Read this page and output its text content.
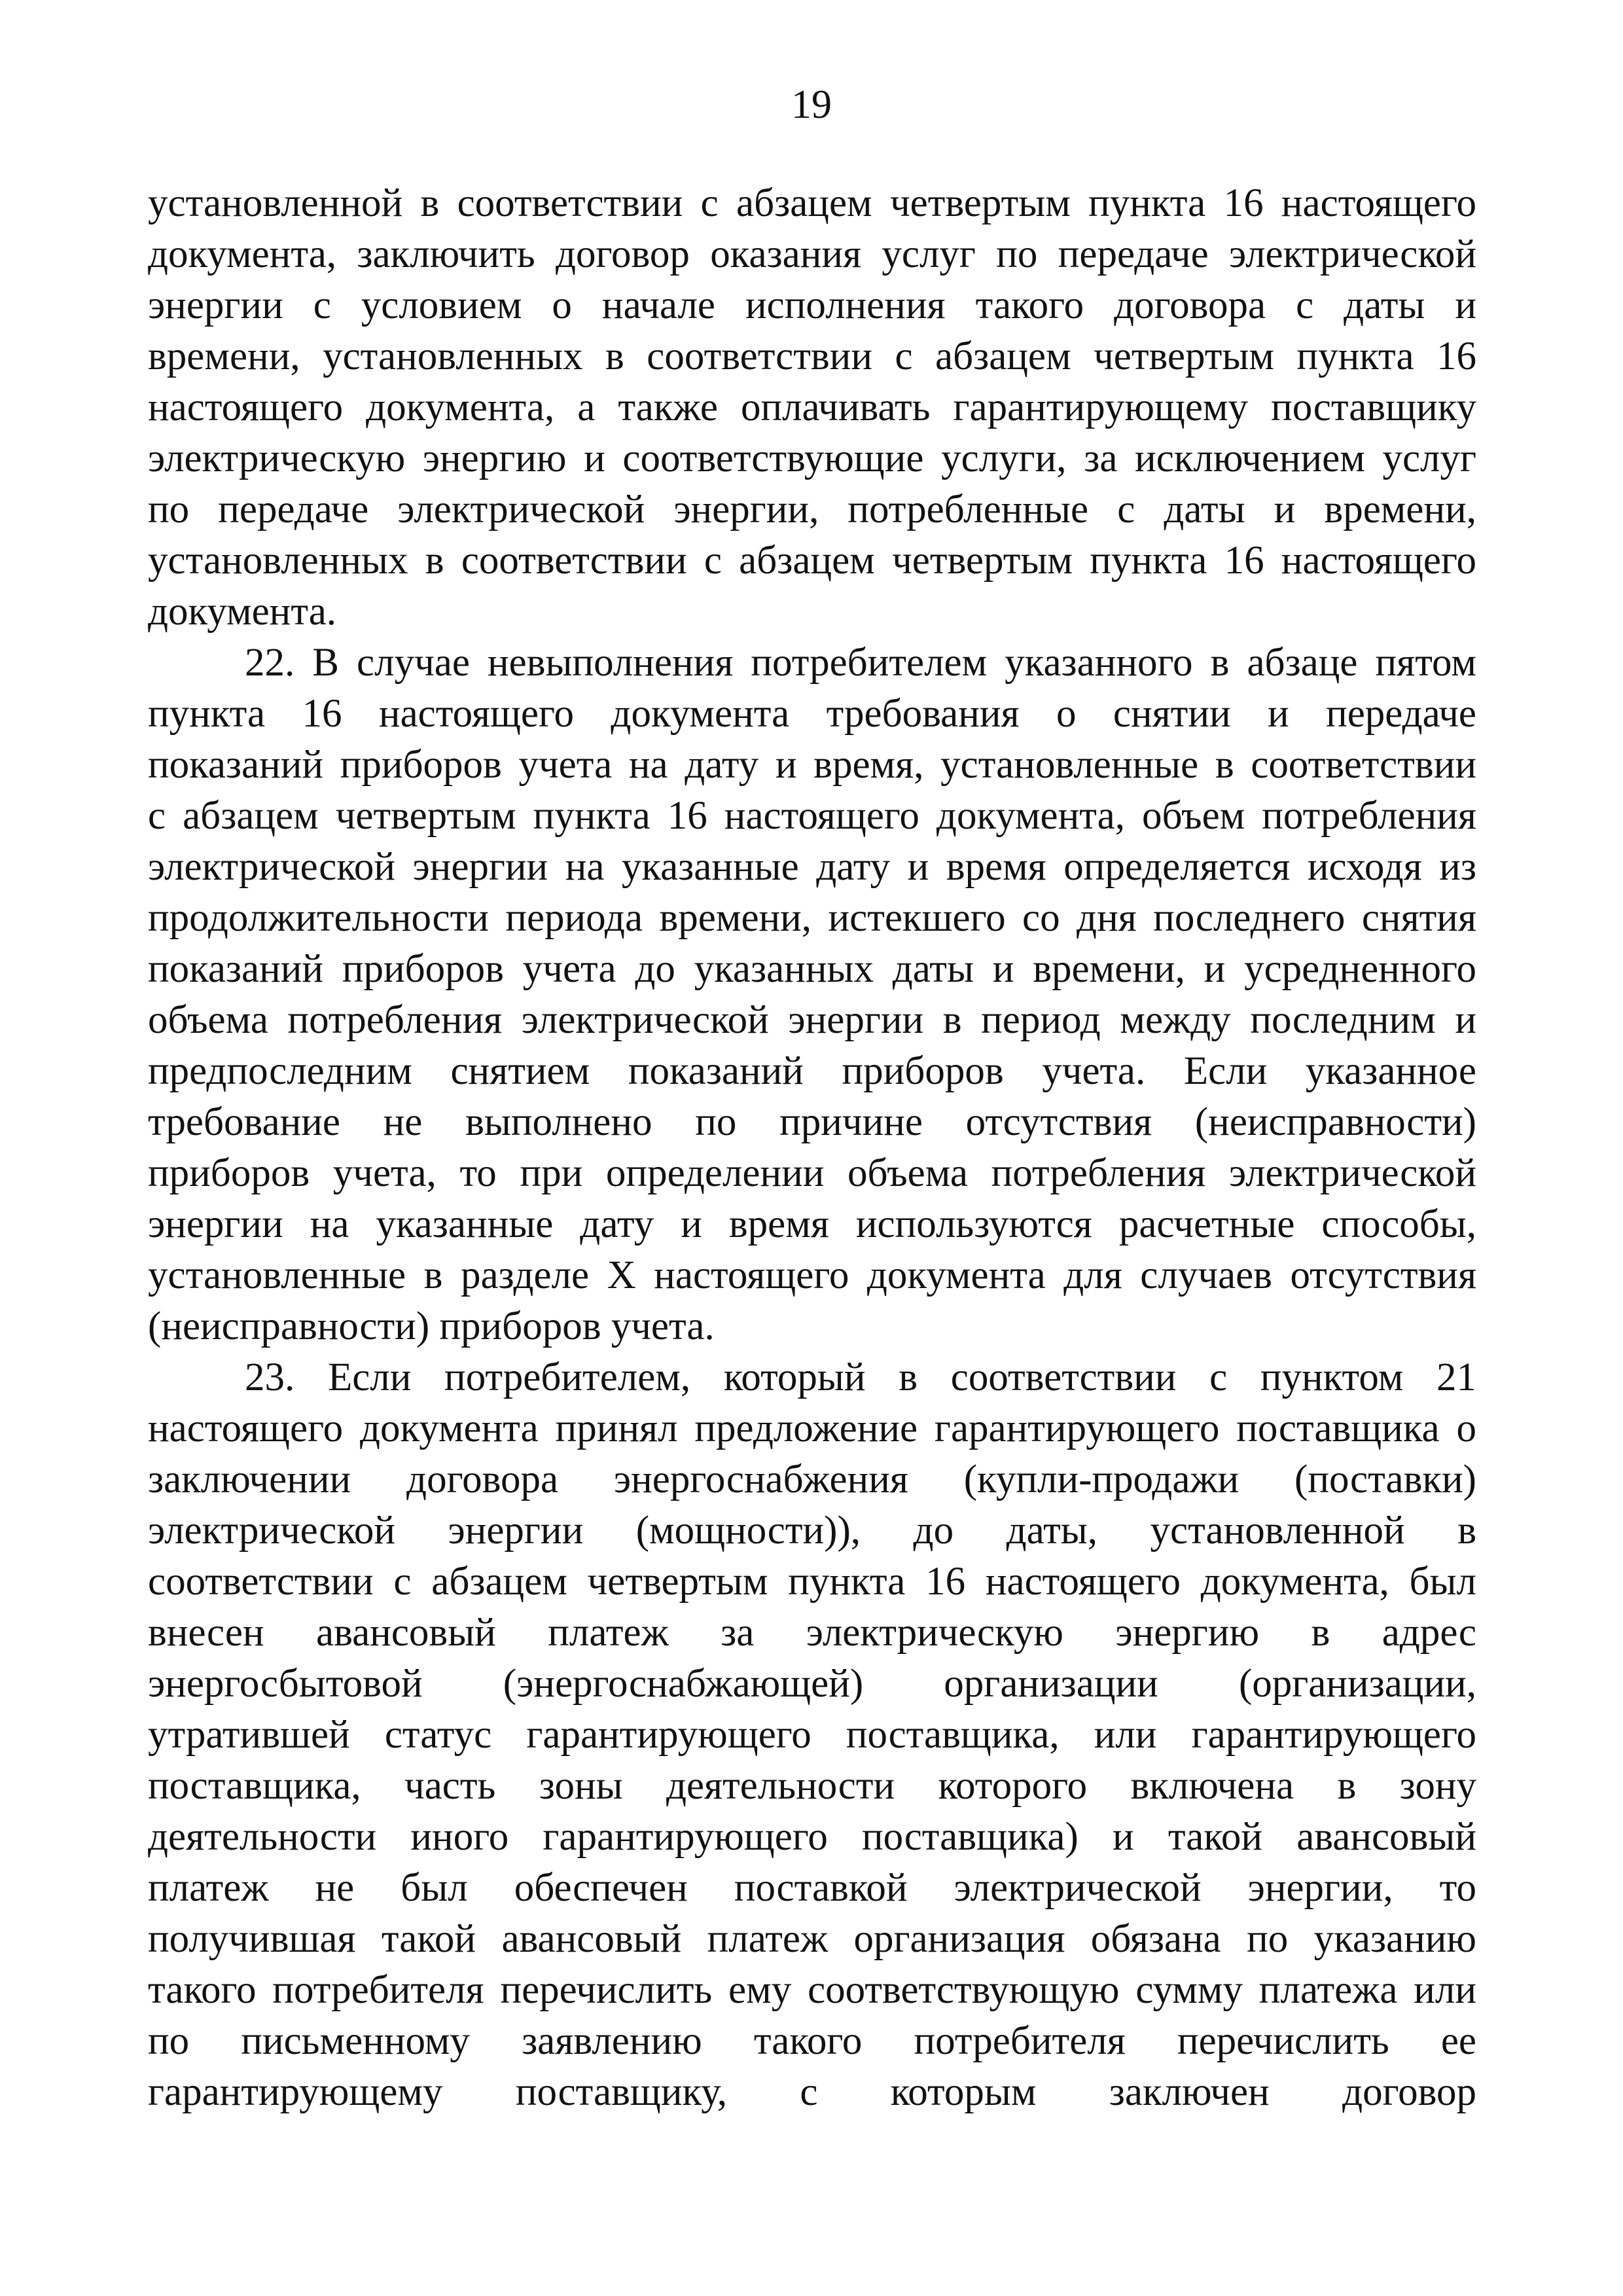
19
установленной в соответствии с абзацем четвертым пункта 16 настоящего
документа, заключить договор оказания услуг по передаче электрической
энергии с условием о начале исполнения такого договора с даты и
времени, установленных в соответствии с абзацем четвертым пункта 16
настоящего документа, а также оплачивать гарантирующему поставщику
электрическую энергию и соответствующие услуги, за исключением услуг
по передаче электрической энергии, потребленные с даты и времени,
установленных в соответствии с абзацем четвертым пункта 16 настоящего
документа.
22. В случае невыполнения потребителем указанного в абзаце пятом
пункта 16 настоящего документа требования о снятии и передаче
показаний приборов учета на дату и время, установленные в соответствии
с абзацем четвертым пункта 16 настоящего документа, объем потребления
электрической энергии на указанные дату и время определяется исходя из
продолжительности периода времени, истекшего со дня последнего снятия
показаний приборов учета до указанных даты и времени, и усредненного
объема потребления электрической энергии в период между последним и
предпоследним снятием показаний приборов учета. Если указанное
требование не выполнено по причине отсутствия (неисправности)
приборов учета, то при определении объема потребления электрической
энергии на указанные дату и время используются расчетные способы,
установленные в разделе X настоящего документа для случаев отсутствия
(неисправности) приборов учета.
23. Если потребителем, который в соответствии с пунктом 21
настоящего документа принял предложение гарантирующего поставщика о
заключении договора энергоснабжения (купли-продажи (поставки)
электрической энергии (мощности)), до даты, установленной в
соответствии с абзацем четвертым пункта 16 настоящего документа, был
внесен авансовый платеж за электрическую энергию в адрес
энергосбытовой (энергоснабжающей) организации (организации,
утратившей статус гарантирующего поставщика, или гарантирующего
поставщика, часть зоны деятельности которого включена в зону
деятельности иного гарантирующего поставщика) и такой авансовый
платеж не был обеспечен поставкой электрической энергии, то
получившая такой авансовый платеж организация обязана по указанию
такого потребителя перечислить ему соответствующую сумму платежа или
по письменному заявлению такого потребителя перечислить ее
гарантирующему поставщику, с которым заключен договор
